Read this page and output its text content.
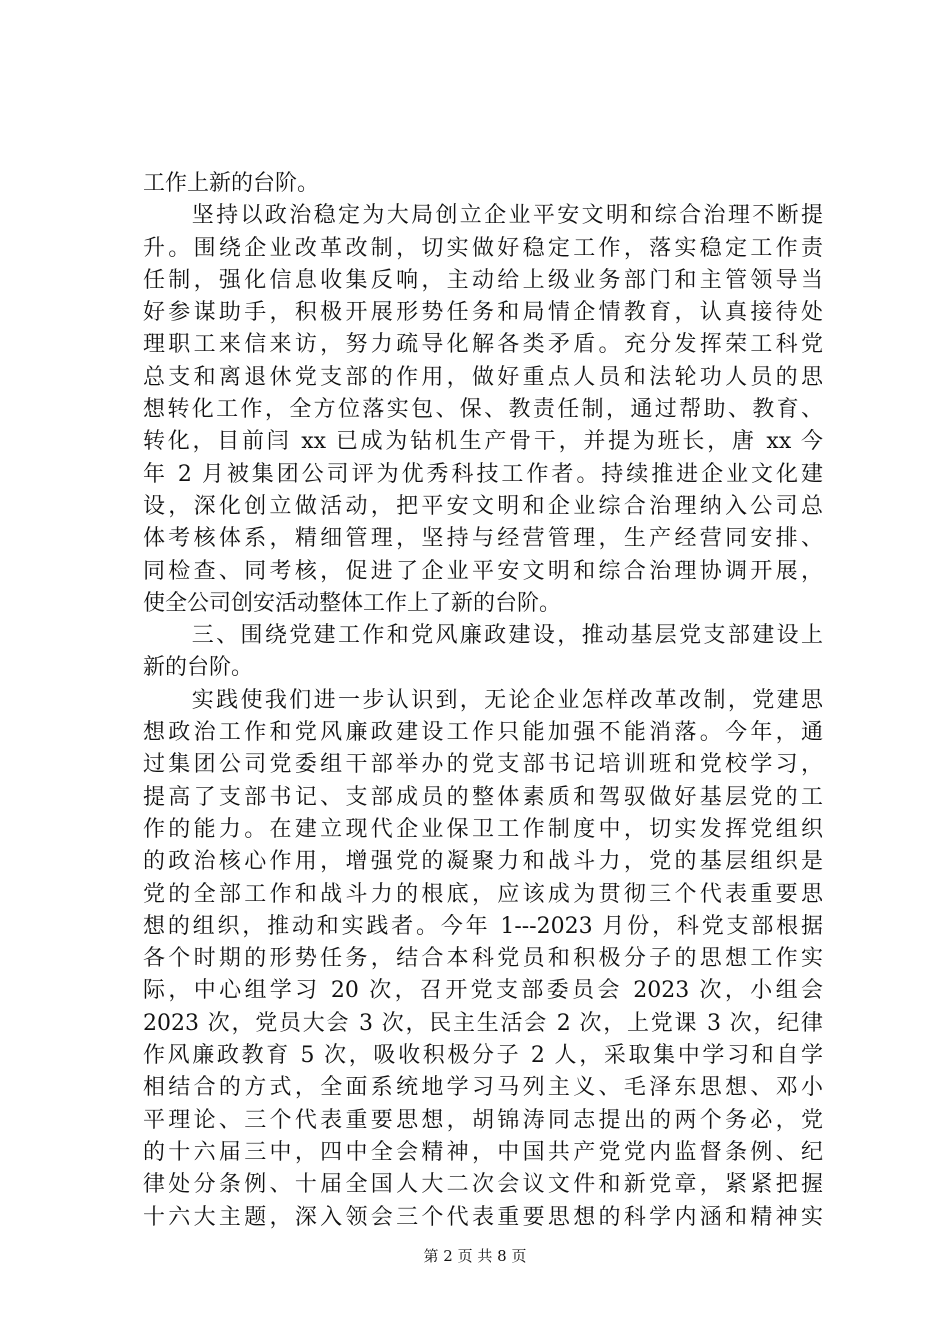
工作上新的台阶。
　　坚持以政治稳定为大局创立企业平安文明和综合治理不断提
升。围绕企业改革改制，切实做好稳定工作，落实稳定工作责
任制，强化信息收集反响，主动给上级业务部门和主管领导当
好参谋助手，积极开展形势任务和局情企情教育，认真接待处
理职工来信来访，努力疏导化解各类矛盾。充分发挥荣工科党
总支和离退休党支部的作用，做好重点人员和法轮功人员的思
想转化工作，全方位落实包、保、教责任制，通过帮助、教育、
转化，目前闫 xx 已成为钻机生产骨干，并提为班长，唐 xx 今
年 2 月被集团公司评为优秀科技工作者。持续推进企业文化建
设，深化创立做活动，把平安文明和企业综合治理纳入公司总
体考核体系，精细管理，坚持与经营管理，生产经营同安排、
同检查、同考核，促进了企业平安文明和综合治理协调开展，
使全公司创安活动整体工作上了新的台阶。
　　三、围绕党建工作和党风廉政建设，推动基层党支部建设上
新的台阶。
　　实践使我们进一步认识到，无论企业怎样改革改制，党建思
想政治工作和党风廉政建设工作只能加强不能消落。今年，通
过集团公司党委组干部举办的党支部书记培训班和党校学习，
提高了支部书记、支部成员的整体素质和驾驭做好基层党的工
作的能力。在建立现代企业保卫工作制度中，切实发挥党组织
的政治核心作用，增强党的凝聚力和战斗力，党的基层组织是
党的全部工作和战斗力的根底，应该成为贯彻三个代表重要思
想的组织，推动和实践者。今年 1---2023 月份，科党支部根据
各个时期的形势任务，结合本科党员和积极分子的思想工作实
际，中心组学习 20 次，召开党支部委员会 2023 次，小组会
2023 次，党员大会 3 次，民主生活会 2 次，上党课 3 次，纪律
作风廉政教育 5 次，吸收积极分子 2 人，采取集中学习和自学
相结合的方式，全面系统地学习马列主义、毛泽东思想、邓小
平理论、三个代表重要思想，胡锦涛同志提出的两个务必，党
的十六届三中，四中全会精神，中国共产党党内监督条例、纪
律处分条例、十届全国人大二次会议文件和新党章，紧紧把握
十六大主题，深入领会三个代表重要思想的科学内涵和精神实
第 2 页 共 8 页
